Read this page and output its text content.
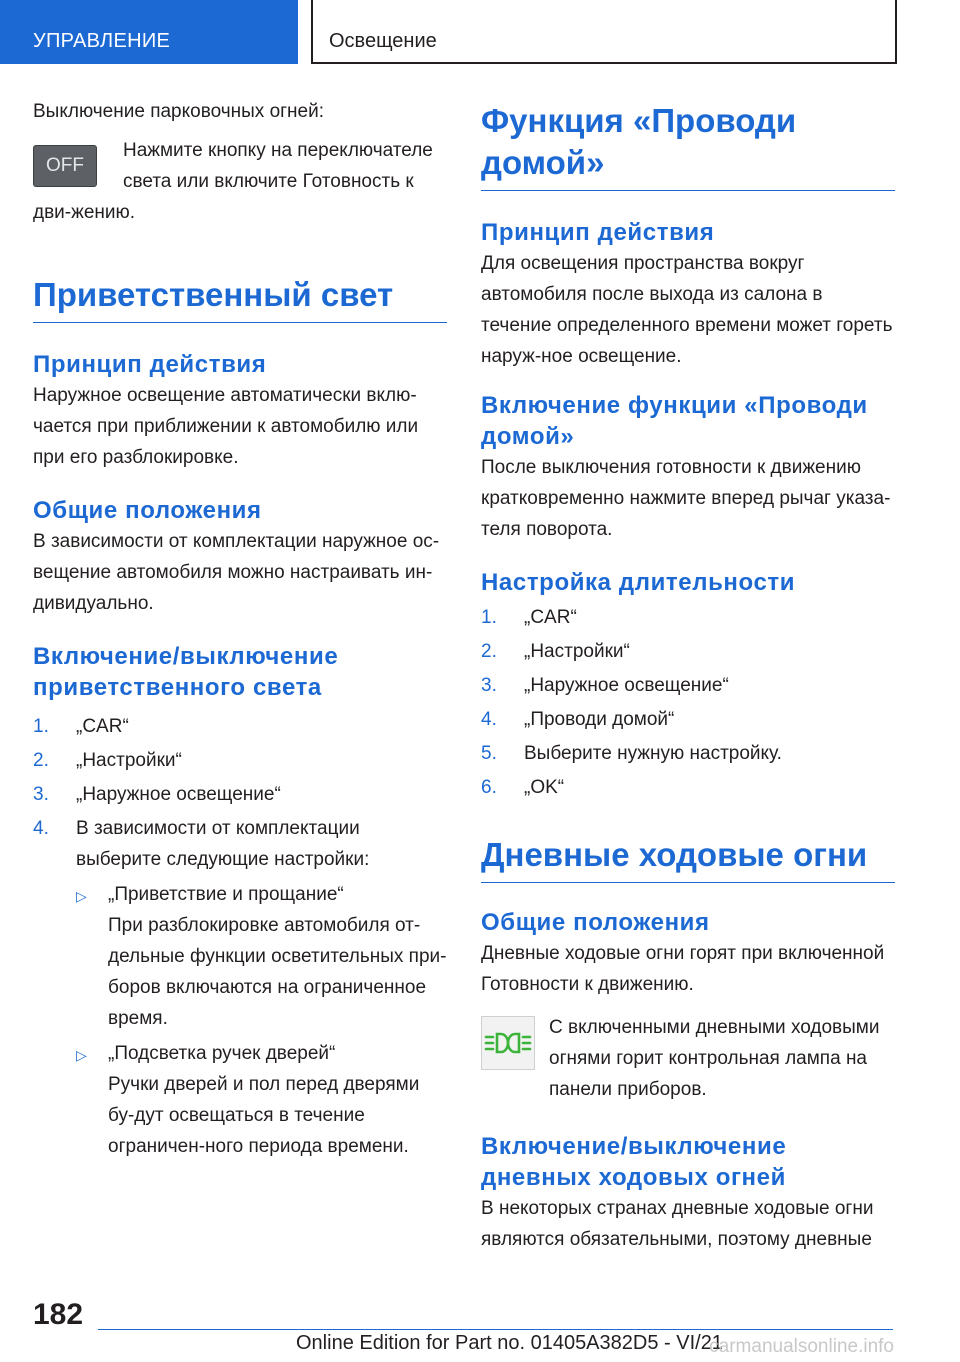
УПРАВЛЕНИЕ	Освещение

Выключение парковочных огней:

OFF

Нажмите кнопку на переключателе света или включите Готовность к дви-жению.

Приветственный свет
Принцип действия

Наружное освещение автоматически вклю-чается при приближении к автомобилю или при его разблокировке.

Общие положения

В зависимости от комплектации наружное ос-вещение автомобиля можно настраивать ин-дивидуально.

Включение/выключение
приветственного света
1. „CAR“
2. „Настройки“
3. „Наружное освещение“
4. В зависимости от комплектации выберите следующие настройки:
▷ „Приветствие и прощание“
При разблокировке автомобиля от-дельные функции осветительных при-боров включаются на ограниченное время.
▷ „Подсветка ручек дверей“
Ручки дверей и пол перед дверями бу-дут освещаться в течение ограничен-ного периода времени.
Функция «Проводи
домой»
Принцип действия

Для освещения пространства вокруг автомобиля после выхода из салона в течение определенного времени может гореть наруж-ное освещение.

Включение функции «Проводи
домой»

После выключения готовности к движению кратковременно нажмите вперед рычаг указа-теля поворота.

Настройка длительности
1. „CAR“
2. „Настройки“
3. „Наружное освещение“
4. „Проводи домой“
5. Выберите нужную настройку.
6. „OK“
Дневные ходовые огни
Общие положения

Дневные ходовые огни горят при включенной Готовности к движению.

С включенными дневными ходовыми огнями горит контрольная лампа на панели приборов.

Включение/выключение
дневных ходовых огней

В некоторых странах дневные ходовые огни являются обязательными, поэтому дневные

182
Online Edition for Part no. 01405A382D5 - VI/21
carmanualsonline.info
